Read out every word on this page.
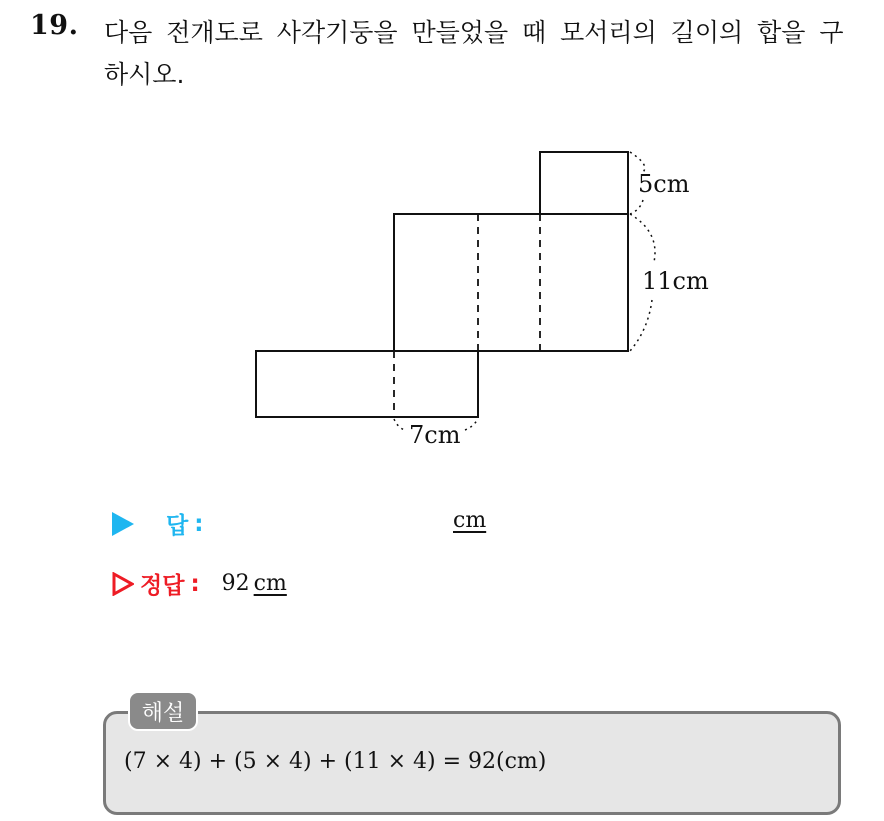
19. 다음 전개도로 사각기둥을 만들었을 때 모서리의 길이의 합을 구하시오.
5cm
11cm
7cm
답 :	cm
정답 : 92 cm
해설
(7 × 4) + (5 × 4) + (11 × 4) = 92(cm)
